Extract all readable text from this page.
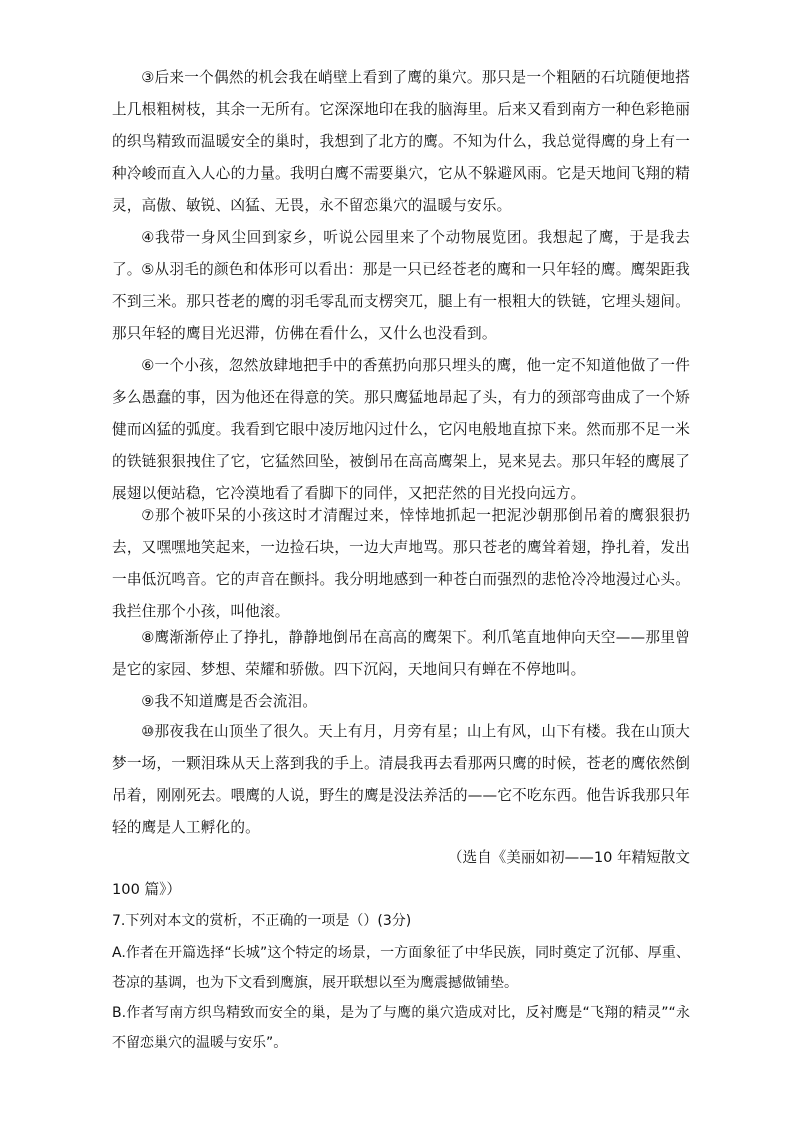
③后来一个偶然的机会我在峭壁上看到了鹰的巢穴。那只是一个粗陋的石坑随便地搭上几根粗树枝，其余一无所有。它深深地印在我的脑海里。后来又看到南方一种色彩艳丽的织鸟精致而温暖安全的巢时，我想到了北方的鹰。不知为什么，我总觉得鹰的身上有一种冷峻而直入人心的力量。我明白鹰不需要巢穴，它从不躲避风雨。它是天地间飞翔的精灵，高傲、敏锐、凶猛、无畏，永不留恋巢穴的温暖与安乐。

④我带一身风尘回到家乡，听说公园里来了个动物展览团。我想起了鹰，于是我去了。 ⑤从羽毛的颜色和体形可以看出：那是一只已经苍老的鹰和一只年轻的鹰。鹰架距我不到三米。那只苍老的鹰的羽毛零乱而支楞突兀，腿上有一根粗大的铁链，它埋头翅间。那只年轻的鹰目光迟滞，仿佛在看什么，又什么也没看到。

⑥一个小孩，忽然放肆地把手中的香蕉扔向那只埋头的鹰，他一定不知道他做了一件多么愚蠢的事，因为他还在得意的笑。那只鹰猛地昂起了头，有力的颈部弯曲成了一个矫健而凶猛的弧度。我看到它眼中凌厉地闪过什么，它闪电般地直掠下来。然而那不足一米的铁链狠狠拽住了它，它猛然回坠，被倒吊在高高鹰架上，晃来晃去。那只年轻的鹰展了展翅以便站稳，它冷漠地看了看脚下的同伴，又把茫然的目光投向远方。

⑦那个被吓呆的小孩这时才清醒过来，悻悻地抓起一把泥沙朝那倒吊着的鹰狠狠扔去，又嘿嘿地笑起来，一边捡石块，一边大声地骂。那只苍老的鹰耸着翅，挣扎着，发出一串低沉鸣音。它的声音在颤抖。我分明地感到一种苍白而强烈的悲怆冷冷地漫过心头。我拦住那个小孩，叫他滚。

⑧鹰渐渐停止了挣扎，静静地倒吊在高高的鹰架下。利爪笔直地伸向天空——那里曾是它的家园、梦想、荣耀和骄傲。四下沉闷，天地间只有蝉在不停地叫。

⑨我不知道鹰是否会流泪。

⑩那夜我在山顶坐了很久。天上有月，月旁有星；山上有风，山下有楼。我在山顶大梦一场，一颗泪珠从天上落到我的手上。清晨我再去看那两只鹰的时候，苍老的鹰依然倒吊着，刚刚死去。喂鹰的人说，野生的鹰是没法养活的——它不吃东西。他告诉我那只年轻的鹰是人工孵化的。

（选自《美丽如初——10 年精短散文
100 篇》）

7.下列对本文的赏析，不正确的一项是（）(3分)

A.作者在开篇选择“长城”这个特定的场景，一方面象征了中华民族，同时奠定了沉郁、厚重、苍凉的基调，也为下文看到鹰旗，展开联想以至为鹰震撼做铺垫。

B.作者写南方织鸟精致而安全的巢，是为了与鹰的巢穴造成对比，反衬鹰是“飞翔的精灵”“永不留恋巢穴的温暖与安乐”。
